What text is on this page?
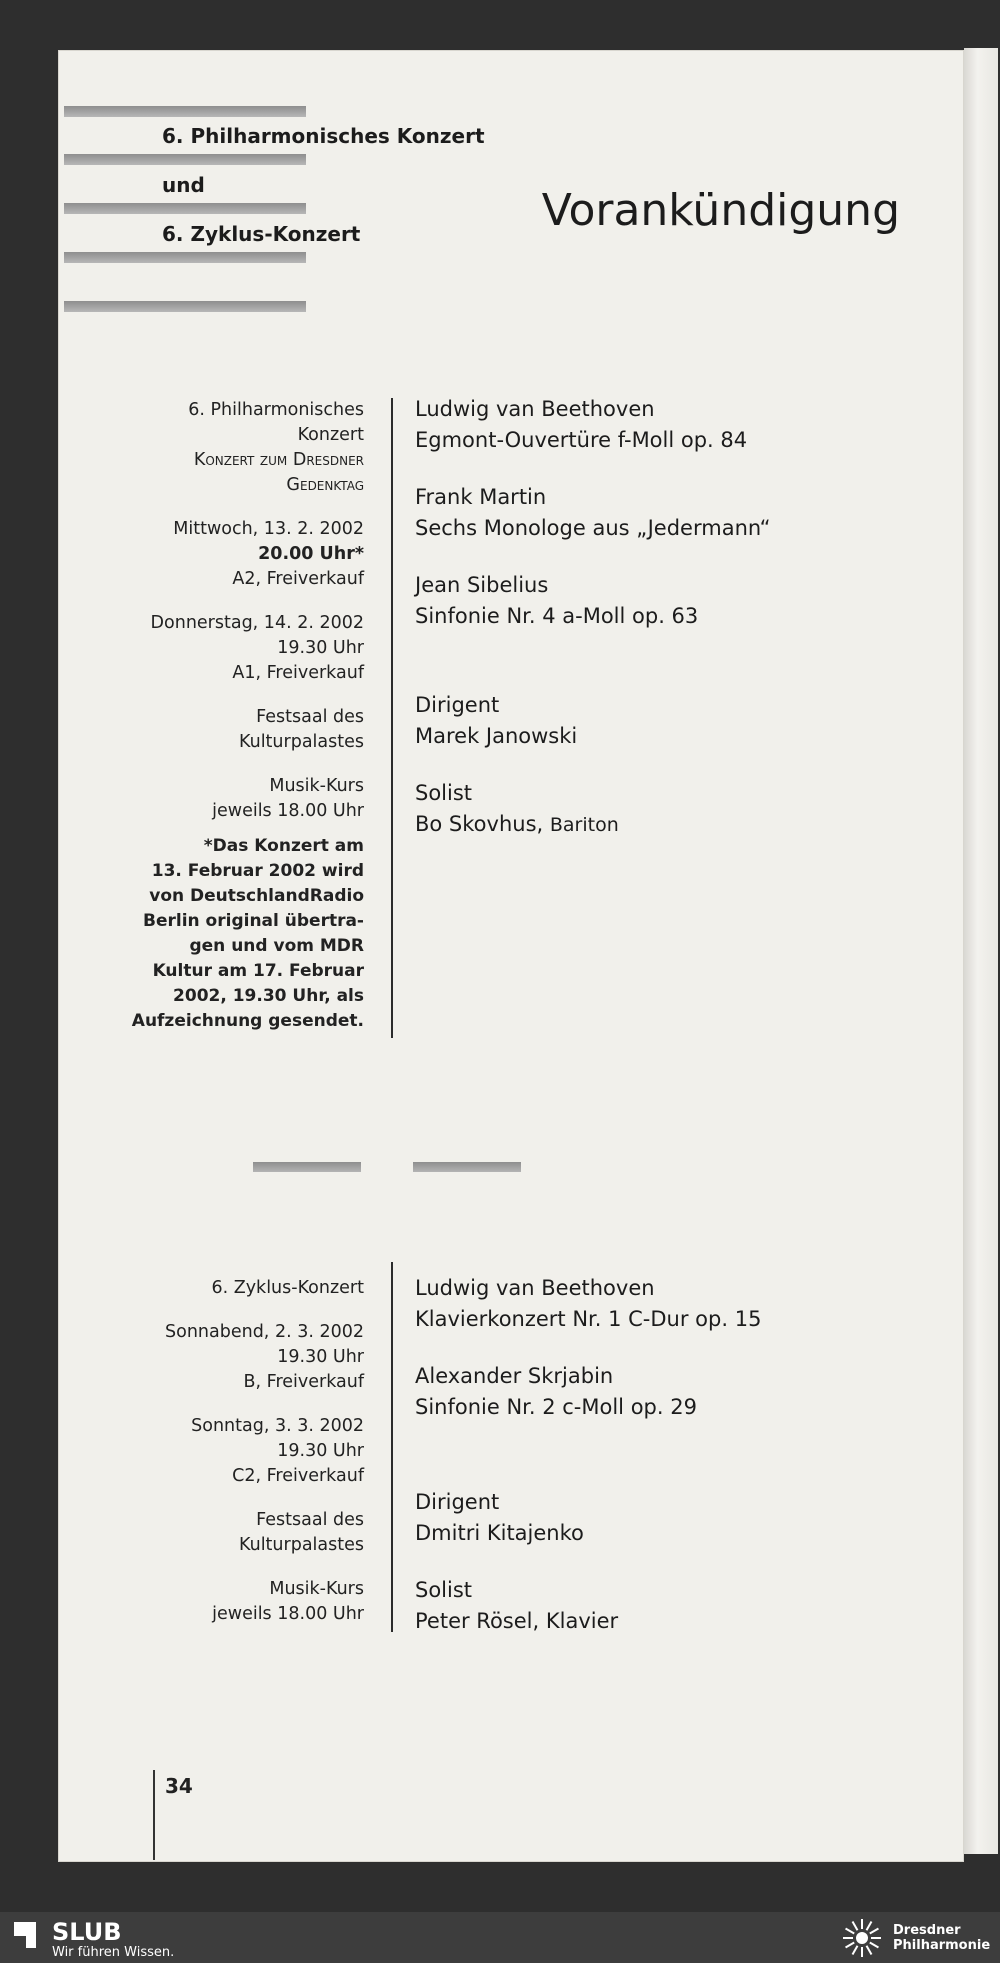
6. Philharmonisches Konzert
und
6. Zyklus-Konzert	Vorankündigung
6. Philharmonisches
Konzert
Konzert zum Dresdner
Gedenktag
Mittwoch, 13. 2. 2002
20.00 Uhr*
A2, Freiverkauf
Donnerstag, 14. 2. 2002
19.30 Uhr
A1, Freiverkauf
Festsaal des
Kulturpalastes
Musik-Kurs
jeweils 18.00 Uhr
*Das Konzert am
13. Februar 2002 wird
von DeutschlandRadio
Berlin original übertra-
gen und vom MDR
Kultur am 17. Februar
2002, 19.30 Uhr, als
Aufzeichnung gesendet.
Ludwig van Beethoven
Egmont-Ouvertüre f-Moll op. 84
Frank Martin
Sechs Monologe aus „Jedermann“
Jean Sibelius
Sinfonie Nr. 4 a-Moll op. 63
Dirigent
Marek Janowski
Solist
Bo Skovhus, Bariton
6. Zyklus-Konzert
Sonnabend, 2. 3. 2002
19.30 Uhr
B, Freiverkauf
Sonntag, 3. 3. 2002
19.30 Uhr
C2, Freiverkauf
Festsaal des
Kulturpalastes
Musik-Kurs
jeweils 18.00 Uhr
Ludwig van Beethoven
Klavierkonzert Nr. 1 C-Dur op. 15
Alexander Skrjabin
Sinfonie Nr. 2 c-Moll op. 29
Dirigent
Dmitri Kitajenko
Solist
Peter Rösel, Klavier
34
SLUB
Wir führen Wissen.
Dresdner
Philharmonie
